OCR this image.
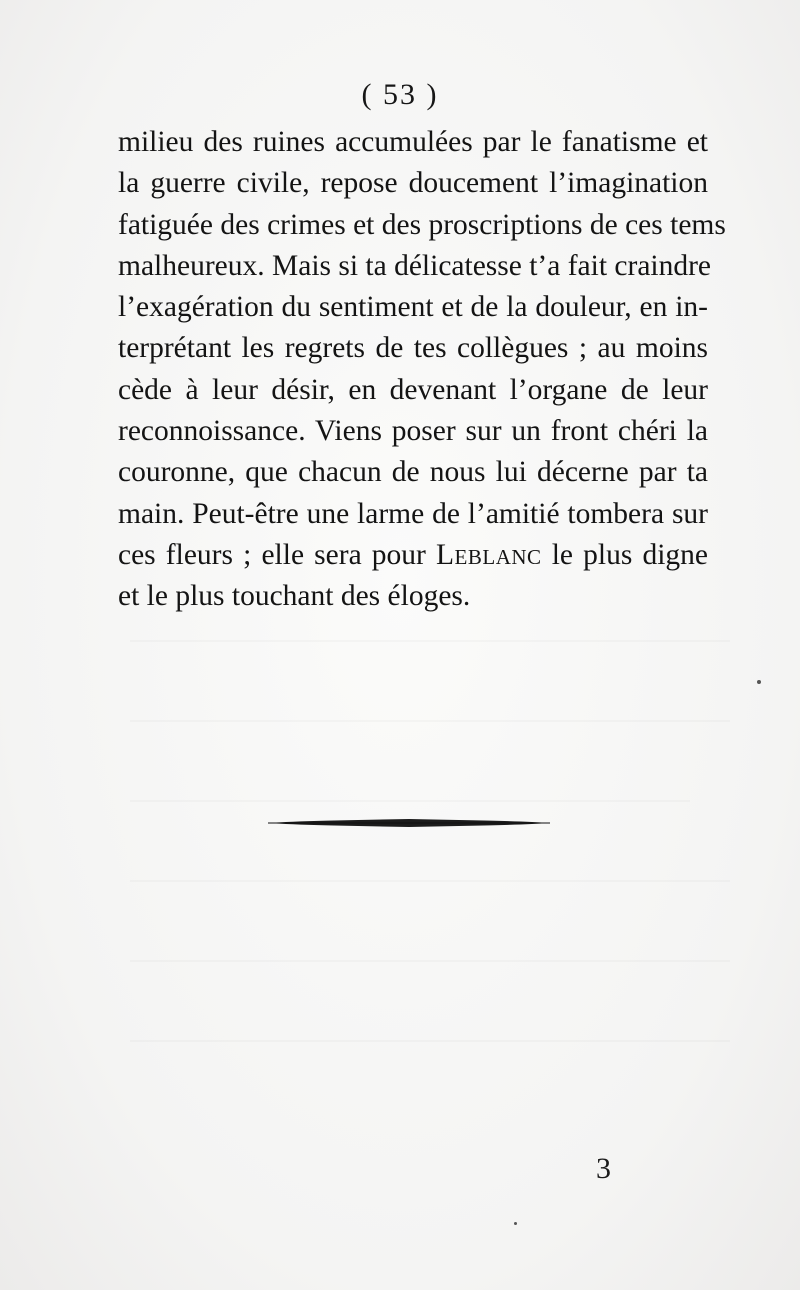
( 53 )
milieu des ruines accumulées par le fanatisme et
la guerre civile, repose doucement l’imagination
fatiguée des crimes et des proscriptions de ces tems
malheureux. Mais si ta délicatesse t’a fait craindre
l’exagération du sentiment et de la douleur, en in-
terprétant les regrets de tes collègues ; au moins
cède à leur désir, en devenant l’organe de leur
reconnoissance. Viens poser sur un front chéri la
couronne, que chacun de nous lui décerne par ta
main. Peut-être une larme de l’amitié tombera sur
ces fleurs ; elle sera pour Leblanc le plus digne
et le plus touchant des éloges.
3
